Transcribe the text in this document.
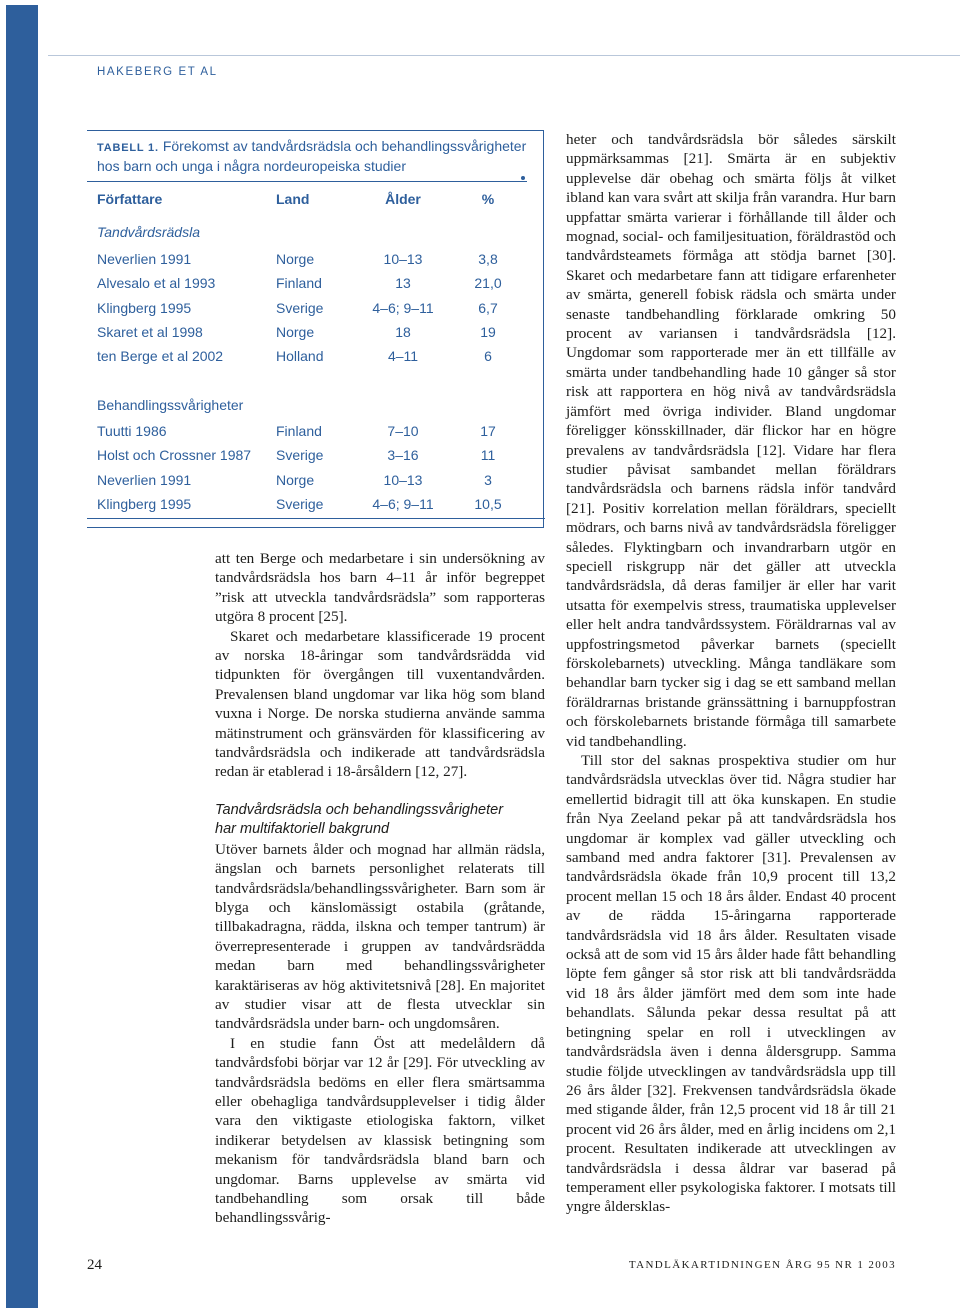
HAKEBERG ET AL
TABELL 1. Förekomst av tandvårdsrädsla och behandlingssvårigheter hos barn och unga i några nordeuropeiska studier
Författare	Land	Ålder	%
Tandvårdsrädsla
Neverlien 1991	Norge	10–13	3,8
Alvesalo et al 1993	Finland	13	21,0
Klingberg 1995	Sverige	4–6; 9–11	6,7
Skaret et al 1998	Norge	18	19
ten Berge et al 2002	Holland	4–11	6
Behandlingssvårigheter
Tuutti 1986	Finland	7–10	17
Holst och Crossner 1987 Sverige	3–16	11
Neverlien 1991	Norge	10–13	3
Klingberg 1995	Sverige	4–6; 9–11	10,5

att ten Berge och medarbetare i sin undersökning av tandvårdsrädsla hos barn 4–11 år inför begreppet ”risk att utveckla tandvårdsrädsla” som rapporteras utgöra 8 procent [25].

Skaret och medarbetare klassificerade 19 procent av norska 18-åringar som tandvårdsrädda vid tidpunkten för övergången till vuxentandvården. Prevalensen bland ungdomar var lika hög som bland vuxna i Norge. De norska studierna använde samma mätinstrument och gränsvärden för klassificering av tandvårdsrädsla och indikerade att tandvårdsrädsla redan är etablerad i 18-årsåldern [12, 27].

Tandvårdsrädsla och behandlingssvårigheter
har multifaktoriell bakgrund

Utöver barnets ålder och mognad har allmän rädsla, ängslan och barnets personlighet relaterats till tandvårdsrädsla/behandlingssvårigheter. Barn som är blyga och känslomässigt ostabila (gråtande, tillbakadragna, rädda, ilskna och temper tantrum) är överrepresenterade i gruppen av tandvårdsrädda medan barn med behandlingssvårigheter karaktäriseras av hög aktivitetsnivå [28]. En majoritet av studier visar att de flesta utvecklar sin tandvårdsrädsla under barn- och ungdomsåren.

I en studie fann Öst att medelåldern då tandvårdsfobi börjar var 12 år [29]. För utveckling av tandvårdsrädsla bedöms en eller flera smärtsamma eller obehagliga tandvårdsupplevelser i tidig ålder vara den viktigaste etiologiska faktorn, vilket indikerar betydelsen av klassisk betingning som mekanism för tandvårdsrädsla bland barn och ungdomar. Barns upplevelse av smärta vid tandbehandling som orsak till både behandlingssvårig-

heter och tandvårdsrädsla bör således särskilt uppmärksammas [21]. Smärta är en subjektiv upplevelse där obehag och smärta följs åt vilket ibland kan vara svårt att skilja från varandra. Hur barn uppfattar smärta varierar i förhållande till ålder och mognad, social- och familjesituation, föräldrastöd och tandvårdsteamets förmåga att stödja barnet [30]. Skaret och medarbetare fann att tidigare erfarenheter av smärta, generell fobisk rädsla och smärta under senaste tandbehandling förklarade omkring 50 procent av variansen i tandvårdsrädsla [12]. Ungdomar som rapporterade mer än ett tillfälle av smärta under tandbehandling hade 10 gånger så stor risk att rapportera en hög nivå av tandvårdsrädsla jämfört med övriga individer. Bland ungdomar föreligger könsskillnader, där flickor har en högre prevalens av tandvårdsrädsla [12]. Vidare har flera studier påvisat sambandet mellan föräldrars tandvårdsrädsla och barnens rädsla inför tandvård [21]. Positiv korrelation mellan föräldrars, speciellt mödrars, och barns nivå av tandvårdsrädsla föreligger således. Flyktingbarn och invandrarbarn utgör en speciell riskgrupp när det gäller att utveckla tandvårdsrädsla, då deras familjer är eller har varit utsatta för exempelvis stress, traumatiska upplevelser eller helt andra tandvårdssystem. Föräldrarnas val av uppfostringsmetod påverkar barnets (speciellt förskolebarnets) utveckling. Många tandläkare som behandlar barn tycker sig i dag se ett samband mellan föräldrarnas bristande gränssättning i barnuppfostran och förskolebarnets bristande förmåga till samarbete vid tandbehandling.

Till stor del saknas prospektiva studier om hur tandvårdsrädsla utvecklas över tid. Några studier har emellertid bidragit till att öka kunskapen. En studie från Nya Zeeland pekar på att tandvårdsrädsla hos ungdomar är komplex vad gäller utveckling och samband med andra faktorer [31]. Prevalensen av tandvårdsrädsla ökade från 10,9 procent till 13,2 procent mellan 15 och 18 års ålder. Endast 40 procent av de rädda 15-åringarna rapporterade tandvårdsrädsla vid 18 års ålder. Resultaten visade också att de som vid 15 års ålder hade fått behandling löpte fem gånger så stor risk att bli tandvårdsrädda vid 18 års ålder jämfört med dem som inte hade behandlats. Sålunda pekar dessa resultat på att betingning spelar en roll i utvecklingen av tandvårdsrädsla även i denna åldersgrupp. Samma studie följde utvecklingen av tandvårdsrädsla upp till 26 års ålder [32]. Frekvensen tandvårdsrädsla ökade med stigande ålder, från 12,5 procent vid 18 år till 21 procent vid 26 års ålder, med en årlig incidens om 2,1 procent. Resultaten indikerade att utvecklingen av tandvårdsrädsla i dessa åldrar var baserad på temperament eller psykologiska faktorer. I motsats till yngre åldersklas-

24	TANDLÄKARTIDNINGEN ÅRG 95 NR 1 2003
